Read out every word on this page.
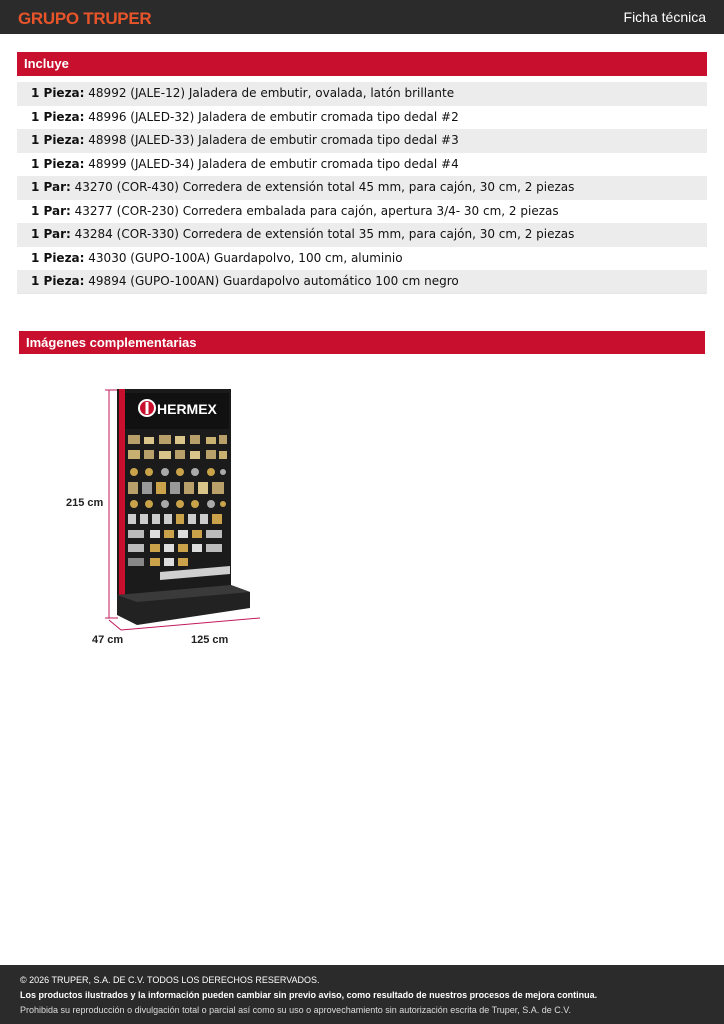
GRUPO TRUPER	Ficha técnica
Incluye
1 Pieza: 48992 (JALE-12) Jaladera de embutir, ovalada, latón brillante
1 Pieza: 48996 (JALED-32) Jaladera de embutir cromada tipo dedal #2
1 Pieza: 48998 (JALED-33) Jaladera de embutir cromada tipo dedal #3
1 Pieza: 48999 (JALED-34) Jaladera de embutir cromada tipo dedal #4
1 Par: 43270 (COR-430) Corredera de extensión total 45 mm, para cajón, 30 cm, 2 piezas
1 Par: 43277 (COR-230) Corredera embalada para cajón, apertura 3/4- 30 cm, 2 piezas
1 Par: 43284 (COR-330) Corredera de extensión total 35 mm, para cajón, 30 cm, 2 piezas
1 Pieza: 43030 (GUPO-100A) Guardapolvo, 100 cm, aluminio
1 Pieza: 49894 (GUPO-100AN) Guardapolvo automático 100 cm negro
Imágenes complementarias
HERMEX
215 cm
47 cm	125 cm
© 2026 TRUPER, S.A. DE C.V. TODOS LOS DERECHOS RESERVADOS.
Los productos ilustrados y la información pueden cambiar sin previo aviso, como resultado de nuestros procesos de mejora continua.
Prohibida su reproducción o divulgación total o parcial así como su uso o aprovechamiento sin autorización escrita de Truper, S.A. de C.V.
